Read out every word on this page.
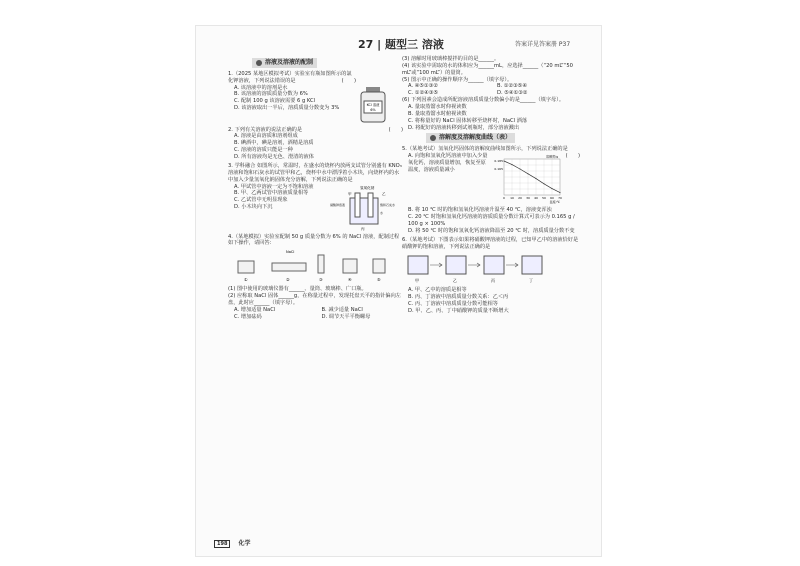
27 | 题型三 溶液	答案详见答案册 P37
溶液及溶液的配制
1.（2025 某地区模拟考试）实验室有瓶如图所示的氯化钾溶液，下列说法错误的是	(　　)
A. 该溶液中的溶剂是水
B. 该溶液的溶质质量分数为 6%
C. 配制 100 g 该溶液需要 6 g KCl
D. 该溶液取出一半后，溶质质量分数变为 3%
KCl 溶液
6%
2. 下列有关溶液的说法正确的是	(　　)
A. 溶液是由溶质和溶剂组成
B. 碘酒中，碘是溶剂，酒精是溶质
C. 溶液的溶质只能是一种
D. 所有溶液均是无色、澄清的液体
3. 学科融合 如图所示，常温时，在盛水的烧杯内放两支试管分别盛有 KNO₃ 溶液和饱和石灰水的试管甲和乙，烧杯中水中漂浮着小木块，向烧杯内的水中加入少量氢氧化钠固体充分溶解，下列说法正确的是
A. 甲试管中溶液一定为不饱和溶液
B. 甲、乙两试管中溶液质量相等
C. 乙试管中无明显现象
D. 小木块向下沉
氢氧化钠
甲	乙
饱和石灰水
硝酸钾溶液
水
丙
4.（某地模拟）实验室配制 50 g 质量分数为 6% 的 NaCl 溶液，配制过程如下操作，请回答：
NaCl
①	②	③	④	⑤
(1) 图中使用的玻璃仪器有______、量筒、玻璃棒、广口瓶。
(2) 应称取 NaCl 固体______g，在称量过程中，发现托盘天平的指针偏向左盘，此时应______（填字母）。
A. 增加适量 NaCl	B. 减少适量 NaCl
C. 增加砝码	D. 调节天平平衡螺母
(3) 溶解时用玻璃棒搅拌的目的是______。
(4) 该实验中需取的水的体积应为______mL，应选择______（“20 mL”“50 mL”或“100 mL”）的量筒。
(5) 图示中正确的操作顺序为______（填字母）。
A. ④⑤①③②	B. ①②③⑤④
C. ①②④③⑤	D. ⑤④①③②
(6) 下列因素会造成所配溶液溶质质量分数偏小的是______（填字母）。
A. 量取蒸馏水时仰视读数
B. 量取蒸馏水时俯视读数
C. 将称量好的 NaCl 固体转移至烧杯时，NaCl 洒落
D. 将配好的溶液转移到试剂瓶时，部分溶液溅出
溶解度及溶解度曲线（表）
5.（某地考试）氢氧化钙固体的溶解度曲线如图所示，下列说法正确的是
(　　)
A. 向饱和氢氧化钙溶液中加入少量氧化钙，溶液质量增加，恢复至原温度，溶液质量减小
0 10 20 30 40 50 60 70
0.185
0.165
溶解度/g
温度/℃
B. 将 10 ℃ 时的饱和氢氧化钙溶液升温至 40 ℃，溶液变浑浊
C. 20 ℃ 时饱和氢氧化钙溶液的溶质质量分数计算式可表示为 0.165 g / 100 g × 100%
D. 将 50 ℃ 时的饱和氢氧化钙溶液降温至 20 ℃ 时，溶质质量分数不变
6.（某地考试）下图表示如果将硝酸钾溶液的过程，已知甲乙中的溶液恰好是硝酸钾的饱和溶液，下列说法正确的是
甲	乙	丙	丁
A. 甲、乙中的溶质是相等
B. 丙、丁溶液中溶质质量分数关系：乙＜丙
C. 丙、丁溶液中溶质质量分数可能相等
D. 甲、乙、丙、丁中硝酸钾的质量不断增大
198 化学
